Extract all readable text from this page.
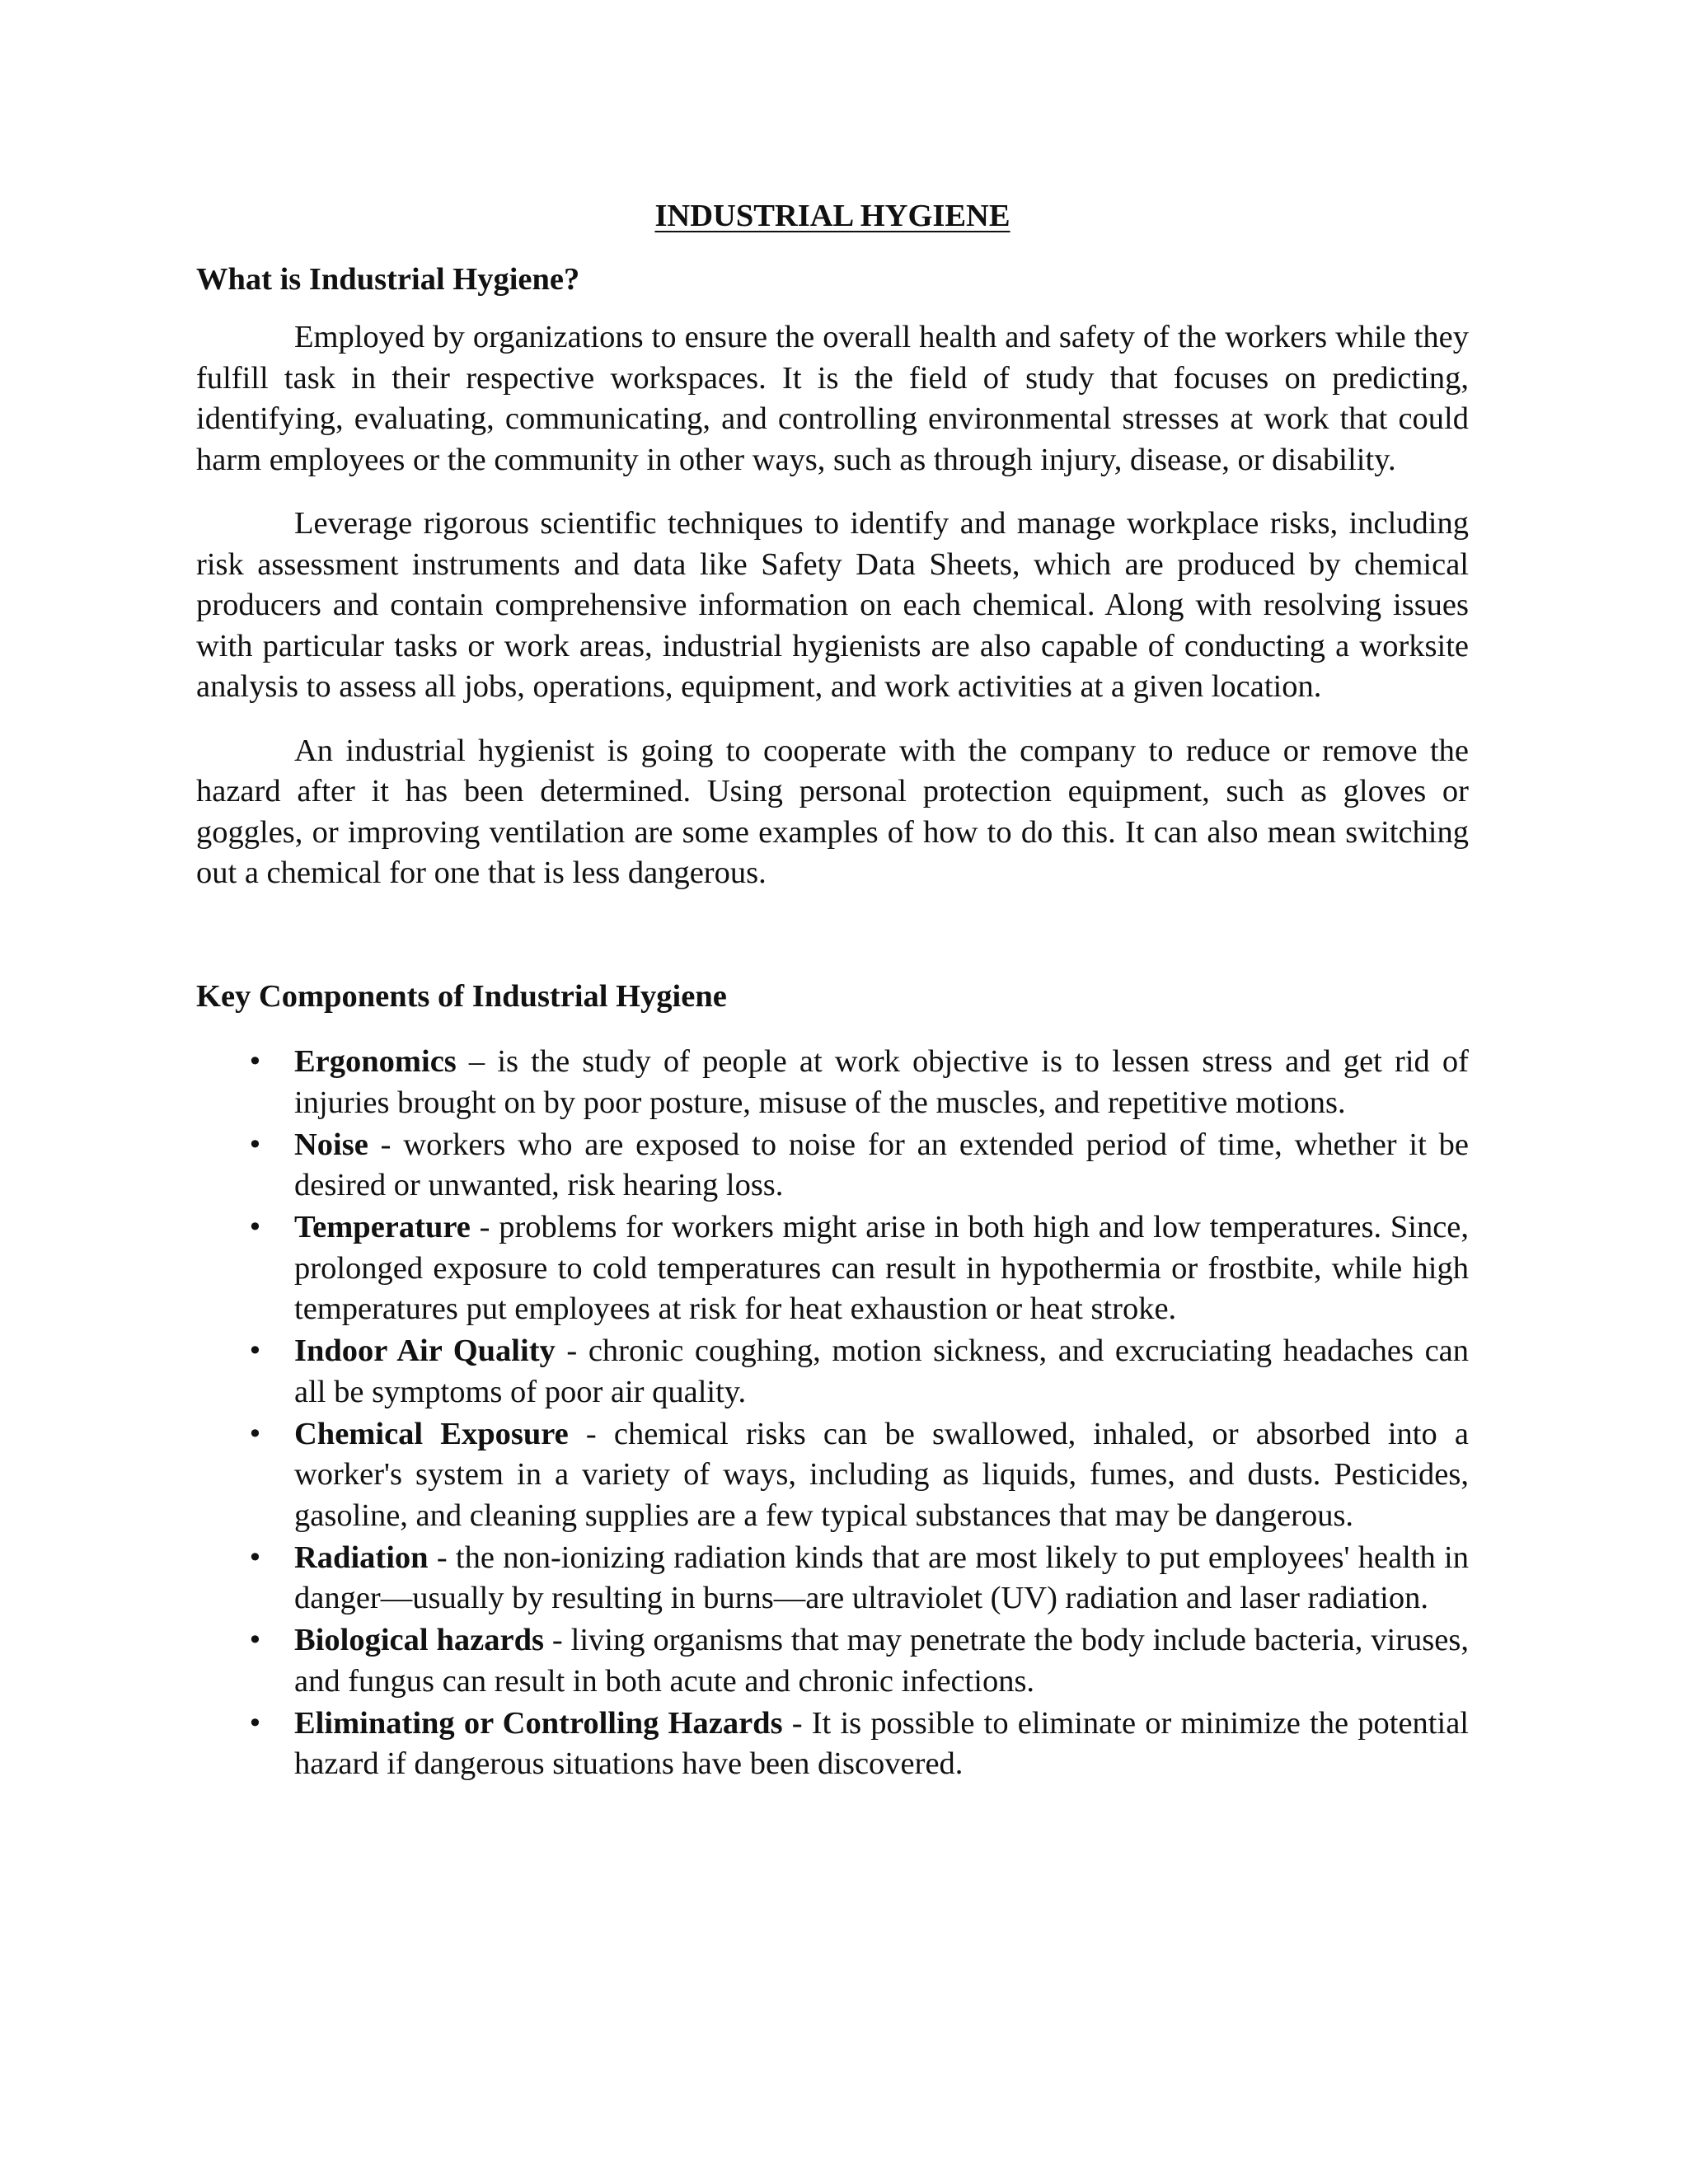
INDUSTRIAL HYGIENE
What is Industrial Hygiene?

Employed by organizations to ensure the overall health and safety of the workers while they fulfill task in their respective workspaces. It is the field of study that focuses on predicting, identifying, evaluating, communicating, and controlling environmental stresses at work that could harm employees or the community in other ways, such as through injury, disease, or disability.

Leverage rigorous scientific techniques to identify and manage workplace risks, including risk assessment instruments and data like Safety Data Sheets, which are produced by chemical producers and contain comprehensive information on each chemical. Along with resolving issues with particular tasks or work areas, industrial hygienists are also capable of conducting a worksite analysis to assess all jobs, operations, equipment, and work activities at a given location.

An industrial hygienist is going to cooperate with the company to reduce or remove the hazard after it has been determined. Using personal protection equipment, such as gloves or goggles, or improving ventilation are some examples of how to do this. It can also mean switching out a chemical for one that is less dangerous.

Key Components of Industrial Hygiene
• Ergonomics – is the study of people at work objective is to lessen stress and get rid of injuries brought on by poor posture, misuse of the muscles, and repetitive motions.
• Noise - workers who are exposed to noise for an extended period of time, whether it be desired or unwanted, risk hearing loss.
• Temperature - problems for workers might arise in both high and low temperatures. Since, prolonged exposure to cold temperatures can result in hypothermia or frostbite, while high temperatures put employees at risk for heat exhaustion or heat stroke.
• Indoor Air Quality - chronic coughing, motion sickness, and excruciating headaches can all be symptoms of poor air quality.
• Chemical Exposure - chemical risks can be swallowed, inhaled, or absorbed into a worker's system in a variety of ways, including as liquids, fumes, and dusts. Pesticides, gasoline, and cleaning supplies are a few typical substances that may be dangerous.
• Radiation - the non-ionizing radiation kinds that are most likely to put employees' health in danger—usually by resulting in burns—are ultraviolet (UV) radiation and laser radiation.
• Biological hazards - living organisms that may penetrate the body include bacteria, viruses, and fungus can result in both acute and chronic infections.
• Eliminating or Controlling Hazards - It is possible to eliminate or minimize the potential hazard if dangerous situations have been discovered.
